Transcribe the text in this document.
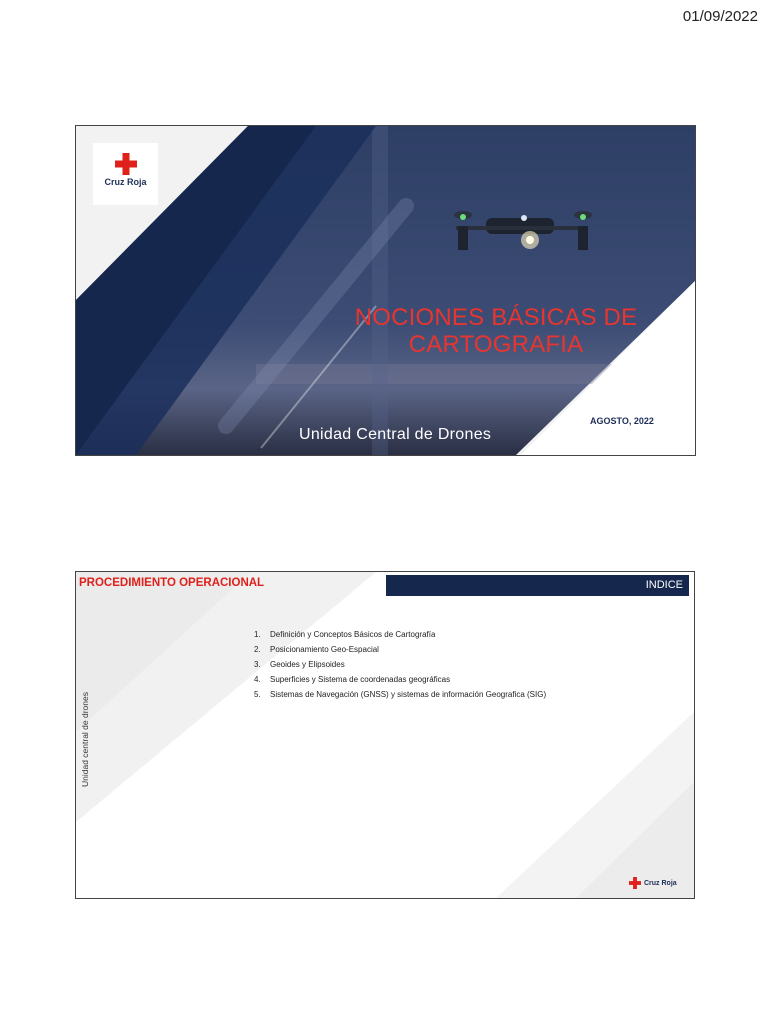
01/09/2022
Cruz Roja
NOCIONES BÁSICAS DE
CARTOGRAFIA
Unidad Central de Drones
AGOSTO, 2022
PROCEDIMIENTO OPERACIONAL	INDICE
Unidad central de drones
1. Definición y Conceptos Básicos de Cartografía
2. Posicionamiento Geo-Espacial
3. Geoides y Elipsoides
4. Superficies y Sistema de coordenadas geográficas
5. Sistemas de Navegación (GNSS) y sistemas de información Geografica (SIG)
Cruz Roja
